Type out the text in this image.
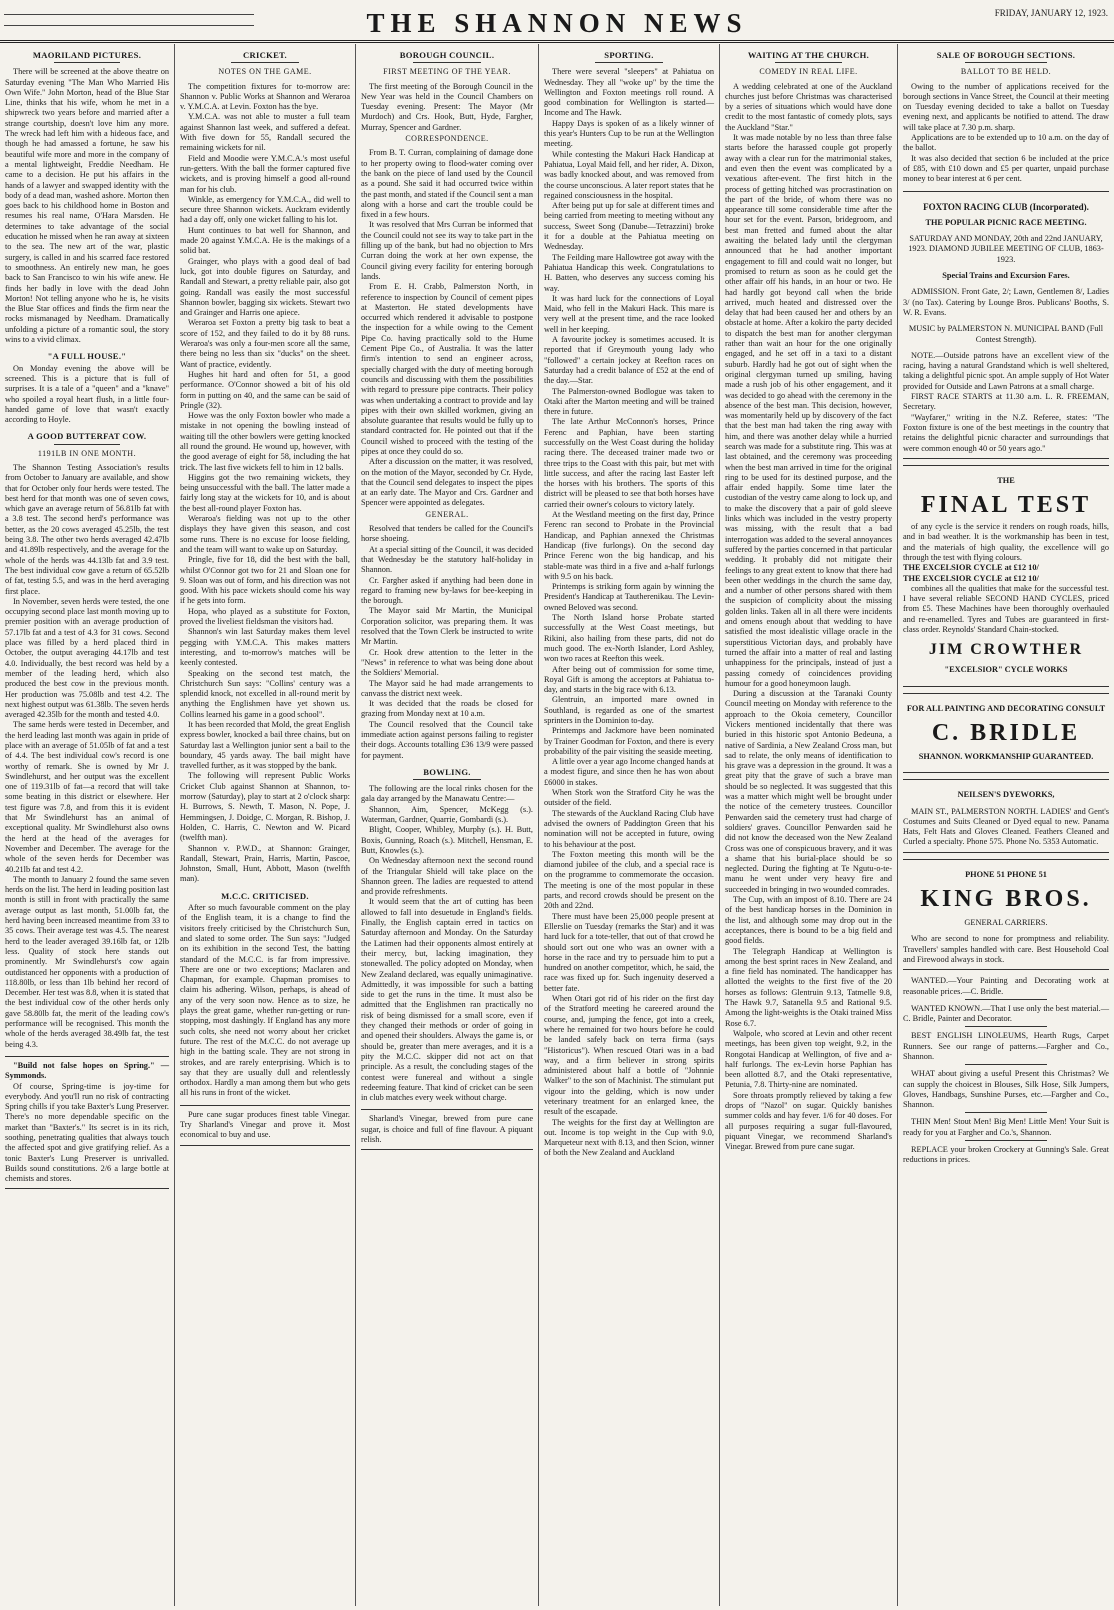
THE SHANNON NEWS	FRIDAY, JANUARY 12, 1923.
MAORILAND PICTURES.

There will be screened at the above theatre on Saturday evening "The Man Who Married His Own Wife." John Morton, head of the Blue Star Line, thinks that his wife, whom he met in a shipwreck two years before and married after a strange courtship, doesn't love him any more. The wreck had left him with a hideous face, and though he had amassed a fortune, he saw his beautiful wife more and more in the company of a mental lightweight, Freddie Needham. He came to a decision. He put his affairs in the hands of a lawyer and swapped identity with the body of a dead man, washed ashore. Morton then goes back to his childhood home in Boston and resumes his real name, O'Hara Marsden. He determines to take advantage of the social education he missed when he ran away at sixteen to the sea. The new art of the war, plastic surgery, is called in and his scarred face restored to smoothness. An entirely new man, he goes back to San Francisco to win his wife anew. He finds her badly in love with the dead John Morton! Not telling anyone who he is, he visits the Blue Star offices and finds the firm near the rocks mismanaged by Needham. Dramatically unfolding a picture of a romantic soul, the story wins to a vivid climax.

"A FULL HOUSE."

On Monday evening the above will be screened. This is a picture that is full of surprises. It is a tale of a "queen" and a "knave" who spoiled a royal heart flush, in a little four-handed game of love that wasn't exactly according to Hoyle.

A GOOD BUTTERFAT COW.
1191LB IN ONE MONTH.

The Shannon Testing Association's results from October to January are available, and show that for October only four herds were tested. The best herd for that month was one of seven cows, which gave an average return of 56.81lb fat with a 3.8 test. The second herd's performance was better, as the 20 cows averaged 45.25lb, the test being 3.8. The other two herds averaged 42.47lb and 41.89lb respectively, and the average for the whole of the herds was 44.13lb fat and 3.9 test. The best individual cow gave a return of 65.52lb of fat, testing 5.5, and was in the herd averaging first place.

In November, seven herds were tested, the one occupying second place last month moving up to premier position with an average production of 57.17lb fat and a test of 4.3 for 31 cows. Second place was filled by a herd placed third in October, the output averaging 44.17lb and test 4.0. Individually, the best record was held by a member of the leading herd, which also produced the best cow in the previous month. Her production was 75.08lb and test 4.2. The next highest output was 61.38lb. The seven herds averaged 42.35lb for the month and tested 4.0.

The same herds were tested in December, and the herd leading last month was again in pride of place with an average of 51.05lb of fat and a test of 4.4. The best individual cow's record is one worthy of remark. She is owned by Mr J. Swindlehurst, and her output was the excellent one of 119.31lb of fat—a record that will take some beating in this district or elsewhere. Her test figure was 7.8, and from this it is evident that Mr Swindlehurst has an animal of exceptional quality. Mr Swindlehurst also owns the herd at the head of the averages for November and December. The average for the whole of the seven herds for December was 40.21lb fat and test 4.2.

The month to January 2 found the same seven herds on the list. The herd in leading position last month is still in front with practically the same average output as last month, 51.00lb fat, the herd having been increased meantime from 33 to 35 cows. Their average test was 4.5. The nearest herd to the leader averaged 39.16lb fat, or 12lb less. Quality of stock here stands out prominently. Mr Swindlehurst's cow again outdistanced her opponents with a production of 118.80lb, or less than 1lb behind her record of December. Her test was 8.8, when it is stated that the best individual cow of the other herds only gave 58.80lb fat, the merit of the leading cow's performance will be recognised. This month the whole of the herds averaged 38.49lb fat, the test being 4.3.

"Build not false hopes on Spring." —Symmonds.

Of course, Spring-time is joy-time for everybody. And you'll run no risk of contracting Spring chills if you take Baxter's Lung Preserver. There's no more dependable specific on the market than "Baxter's." Its secret is in its rich, soothing, penetrating qualities that always touch the affected spot and give gratifying relief. As a tonic Baxter's Lung Preserver is unrivalled. Builds sound constitutions. 2/6 a large bottle at chemists and stores.

CRICKET.
NOTES ON THE GAME.

The competition fixtures for to-morrow are: Shannon v. Public Works at Shannon and Weraroa v. Y.M.C.A. at Levin. Foxton has the bye.

Y.M.C.A. was not able to muster a full team against Shannon last week, and suffered a defeat. With five down for 55, Randall secured the remaining wickets for nil.

Field and Moodie were Y.M.C.A.'s most useful run-getters. With the ball the former captured five wickets, and is proving himself a good all-round man for his club.

Winkle, as emergency for Y.M.C.A., did well to secure three Shannon wickets. Auckram evidently had a day off, only one wicket falling to his lot.

Hunt continues to bat well for Shannon, and made 20 against Y.M.C.A. He is the makings of a solid bat.

Grainger, who plays with a good deal of bad luck, got into double figures on Saturday, and Randall and Stewart, a pretty reliable pair, also got going. Randall was easily the most successful Shannon bowler, bagging six wickets. Stewart two and Grainger and Harris one apiece.

Weraroa set Foxton a pretty big task to beat a score of 152, and they failed to do it by 88 runs. Weraroa's was only a four-men score all the same, there being no less than six "ducks" on the sheet. Want of practice, evidently.

Hughes hit hard and often for 51, a good performance. O'Connor showed a bit of his old form in putting on 40, and the same can be said of Pringle (32).

Howe was the only Foxton bowler who made a mistake in not opening the bowling instead of waiting till the other bowlers were getting knocked all round the ground. He wound up, however, with the good average of eight for 58, including the hat trick. The last five wickets fell to him in 12 balls.

Higgins got the two remaining wickets, they being unsuccessful with the ball. The latter made a fairly long stay at the wickets for 10, and is about the best all-round player Foxton has.

Weraroa's fielding was not up to the other displays they have given this season, and cost some runs. There is no excuse for loose fielding, and the team will want to wake up on Saturday.

Pringle, five for 18, did the best with the ball, whilst O'Connor got two for 21 and Sloan one for 9. Sloan was out of form, and his direction was not good. With his pace wickets should come his way if he gets into form.

Hopa, who played as a substitute for Foxton, proved the liveliest fieldsman the visitors had.

Shannon's win last Saturday makes them level pegging with Y.M.C.A. This makes matters interesting, and to-morrow's matches will be keenly contested.

Speaking on the second test match, the Christchurch Sun says: "Collins' century was a splendid knock, not excelled in all-round merit by anything the Englishmen have yet shown us. Collins learned his game in a good school".

It has been recorded that Mold, the great English express bowler, knocked a bail three chains, but on Saturday last a Wellington junior sent a bail to the boundary, 45 yards away. The bail might have travelled further, as it was stopped by the bank.

The following will represent Public Works Cricket Club against Shannon at Shannon, to-morrow (Saturday), play to start at 2 o'clock sharp: H. Burrows, S. Newth, T. Mason, N. Pope, J. Hemmingsen, J. Doidge, C. Morgan, R. Bishop, J. Holden, C. Harris, C. Newton and W. Picard (twelfth man).

Shannon v. P.W.D., at Shannon: Grainger, Randall, Stewart, Prain, Harris, Martin, Pascoe, Johnston, Small, Hunt, Abbott, Mason (twelfth man).

M.C.C. CRITICISED.

After so much favourable comment on the play of the English team, it is a change to find the visitors freely criticised by the Christchurch Sun, and slated to some order. The Sun says: "Judged on its exhibition in the second Test, the batting standard of the M.C.C. is far from impressive. There are one or two exceptions; Maclaren and Chapman, for example. Chapman promises to claim his adhering. Wilson, perhaps, is ahead of any of the very soon now. Hence as to size, he plays the great game, whether run-getting or run-stopping, most dashingly. If England has any more such colts, she need not worry about her cricket future. The rest of the M.C.C. do not average up high in the batting scale. They are not strong in strokes, and are rarely enterprising. Which is to say that they are usually dull and relentlessly orthodox. Hardly a man among them but who gets all his runs in front of the wicket.

Pure cane sugar produces finest table Vinegar. Try Sharland's Vinegar and prove it. Most economical to buy and use.

BOROUGH COUNCIL.
FIRST MEETING OF THE YEAR.

The first meeting of the Borough Council in the New Year was held in the Council Chambers on Tuesday evening. Present: The Mayor (Mr Murdoch) and Crs. Hook, Butt, Hyde, Fargher, Murray, Spencer and Gardner.

CORRESPONDENCE.

From B. T. Curran, complaining of damage done to her property owing to flood-water coming over the bank on the piece of land used by the Council as a pound. She said it had occurred twice within the past month, and stated if the Council sent a man along with a horse and cart the trouble could be fixed in a few hours.

It was resolved that Mrs Curran be informed that the Council could not see its way to take part in the filling up of the bank, but had no objection to Mrs Curran doing the work at her own expense, the Council giving every facility for entering borough lands.

From E. H. Crabb, Palmerston North, in reference to inspection by Council of cement pipes at Masterton. He stated developments have occurred which rendered it advisable to postpone the inspection for a while owing to the Cement Pipe Co. having practically sold to the Hume Cement Pipe Co., of Australia. It was the latter firm's intention to send an engineer across, specially charged with the duty of meeting borough councils and discussing with them the possibilities with regard to pressure pipe contracts. Their policy was when undertaking a contract to provide and lay pipes with their own skilled workmen, giving an absolute guarantee that results would be fully up to standard contracted for. He pointed out that if the Council wished to proceed with the testing of the pipes at once they could do so.

After a discussion on the matter, it was resolved, on the motion of the Mayor, seconded by Cr. Hyde, that the Council send delegates to inspect the pipes at an early date. The Mayor and Crs. Gardner and Spencer were appointed as delegates.

GENERAL.

Resolved that tenders be called for the Council's horse shoeing.

At a special sitting of the Council, it was decided that Wednesday be the statutory half-holiday in Shannon.

Cr. Fargher asked if anything had been done in regard to framing new by-laws for bee-keeping in the borough.

The Mayor said Mr Martin, the Municipal Corporation solicitor, was preparing them. It was resolved that the Town Clerk be instructed to write Mr Martin.

Cr. Hook drew attention to the letter in the "News" in reference to what was being done about the Soldiers' Memorial.

The Mayor said he had made arrangements to canvass the district next week.

It was decided that the roads be closed for grazing from Monday next at 10 a.m.

The Council resolved that the Council take immediate action against persons failing to register their dogs. Accounts totalling £36 13/9 were passed for payment.

BOWLING.

The following are the local rinks chosen for the gala day arranged by the Manawatu Centre:—

Shannon, Aim, Spencer, McKegg (s.). Waterman, Gardner, Quarrie, Gombardi (s.).

Blight, Cooper, Whibley, Murphy (s.). H. Butt, Boxis, Gunning, Roach (s.). Mitchell, Hensman, E. Butt, Knowles (s.).

On Wednesday afternoon next the second round of the Triangular Shield will take place on the Shannon green. The ladies are requested to attend and provide refreshments.

It would seem that the art of cutting has been allowed to fall into desuetude in England's fields. Finally, the English captain erred in tactics on Saturday afternoon and Monday. On the Saturday the Latimen had their opponents almost entirely at their mercy, but, lacking imagination, they stonewalled. The policy adopted on Monday, when New Zealand declared, was equally unimaginative. Admittedly, it was impossible for such a batting side to get the runs in the time. It must also be admitted that the Englishmen ran practically no risk of being dismissed for a small score, even if they changed their methods or order of going in and opened their shoulders. Always the game is, or should be, greater than mere averages, and it is a pity the M.C.C. skipper did not act on that principle. As a result, the concluding stages of the contest were funereal and without a single redeeming feature. That kind of cricket can be seen in club matches every week without charge.

Sharland's Vinegar, brewed from pure cane sugar, is choice and full of fine flavour. A piquant relish.

SPORTING.

There were several "sleepers" at Pahiatua on Wednesday. They all "woke up" by the time the Wellington and Foxton meetings roll round. A good combination for Wellington is started—Income and The Hawk.

Happy Days is spoken of as a likely winner of this year's Hunters Cup to be run at the Wellington meeting.

While contesting the Makuri Hack Handicap at Pahiatua, Loyal Maid fell, and her rider, A. Dixon, was badly knocked about, and was removed from the course unconscious. A later report states that he regained consciousness in the hospital.

After being put up for sale at different times and being carried from meeting to meeting without any success, Sweet Song (Danube—Tetrazzini) broke it for a double at the Pahiatua meeting on Wednesday.

The Feilding mare Hallowtree got away with the Pahiatua Handicap this week. Congratulations to H. Batten, who deserves any success coming his way.

It was hard luck for the connections of Loyal Maid, who fell in the Makuri Hack. This mare is very well at the present time, and the race looked well in her keeping.

A favourite jockey is sometimes accused. It is reported that if Greymouth young lady who "followed" a certain jockey at Reefton races on Saturday had a credit balance of £52 at the end of the day.—Star.

The Palmerston-owned Bodlogue was taken to Otaki after the Marton meeting and will be trained there in future.

The late Arthur McConnon's horses, Prince Ferenc and Paphian, have been starting successfully on the West Coast during the holiday racing there. The deceased trainer made two or three trips to the Coast with this pair, but met with little success, and after the racing last Easter left the horses with his brothers. The sports of this district will be pleased to see that both horses have carried their owner's colours to victory lately.

At the Westland meeting on the first day, Prince Ferenc ran second to Probate in the Provincial Handicap, and Paphian annexed the Christmas Handicap (five furlongs). On the second day Prince Ferenc won the big handicap, and his stable-mate was third in a five and a-half furlongs with 9.5 on his back.

Printemps is striking form again by winning the President's Handicap at Tautherenikau. The Levin-owned Beloved was second.

The North Island horse Probate started successfully at the West Coast meetings, but Rikini, also hailing from these parts, did not do much good. The ex-North Islander, Lord Ashley, won two races at Reefton this week.

After being out of commission for some time, Royal Gift is among the acceptors at Pahiatua to-day, and starts in the big race with 6.13.

Glentruin, an imported mare owned in Southland, is regarded as one of the smartest sprinters in the Dominion to-day.

Printemps and Jackmore have been nominated by Trainer Goodman for Foxton, and there is every probability of the pair visiting the seaside meeting.

A little over a year ago Income changed hands at a modest figure, and since then he has won about £6000 in stakes.

When Stork won the Stratford City he was the outsider of the field.

The stewards of the Auckland Racing Club have advised the owners of Paddington Green that his nomination will not be accepted in future, owing to his behaviour at the post.

The Foxton meeting this month will be the diamond jubilee of the club, and a special race is on the programme to commemorate the occasion. The meeting is one of the most popular in these parts, and record crowds should be present on the 20th and 22nd.

There must have been 25,000 people present at Ellerslie on Tuesday (remarks the Star) and it was hard luck for a tote-teller, that out of that crowd he should sort out one who was an owner with a horse in the race and try to persuade him to put a hundred on another competitor, which, he said, the race was fixed up for. Such ingenuity deserved a better fate.

When Otari got rid of his rider on the first day of the Stratford meeting he careered around the course, and, jumping the fence, got into a creek, where he remained for two hours before he could be landed safely back on terra firma (says "Historicus"). When rescued Otari was in a bad way, and a firm believer in strong spirits administered about half a bottle of "Johnnie Walker" to the son of Machinist. The stimulant put vigour into the gelding, which is now under veterinary treatment for an enlarged knee, the result of the escapade.

The weights for the first day at Wellington are out. Income is top weight in the Cup with 9.0, Marqueteur next with 8.13, and then Scion, winner of both the New Zealand and Auckland

WAITING AT THE CHURCH.
COMEDY IN REAL LIFE.

A wedding celebrated at one of the Auckland churches just before Christmas was characterised by a series of situations which would have done credit to the most fantastic of comedy plots, says the Auckland "Star."

It was made notable by no less than three false starts before the harassed couple got properly away with a clear run for the matrimonial stakes, and even then the event was complicated by a vexatious after-event. The first hitch in the process of getting hitched was procrastination on the part of the bride, of whom there was no appearance till some considerable time after the hour set for the event. Parson, bridegroom, and best man fretted and fumed about the altar awaiting the belated lady until the clergyman announced that he had another important engagement to fill and could wait no longer, but promised to return as soon as he could get the other affair off his hands, in an hour or two. He had hardly got beyond call when the bride arrived, much heated and distressed over the delay that had been caused her and others by an obstacle at home. After a kokiro the party decided to dispatch the best man for another clergyman rather than wait an hour for the one originally engaged, and he set off in a taxi to a distant suburb. Hardly had he got out of sight when the original clergyman turned up smiling, having made a rush job of his other engagement, and it was decided to go ahead with the ceremony in the absence of the best man. This decision, however, was momentarily held up by discovery of the fact that the best man had taken the ring away with him, and there was another delay while a hurried search was made for a substitute ring. This was at last obtained, and the ceremony was proceeding when the best man arrived in time for the original ring to be used for its destined purpose, and the affair ended happily. Some time later the custodian of the vestry came along to lock up, and to make the discovery that a pair of gold sleeve links which was included in the vestry property was missing, with the result that a bad interrogation was added to the several annoyances suffered by the parties concerned in that particular wedding. It probably did not mitigate their feelings to any great extent to know that there had been other weddings in the church the same day, and a number of other persons shared with them the suspicion of complicity about the missing golden links. Taken all in all there were incidents and omens enough about that wedding to have satisfied the most idealistic village oracle in the superstitious Victorian days, and probably have turned the affair into a matter of real and lasting unhappiness for the principals, instead of just a passing comedy of coincidences providing humour for a good honeymoon laugh.

During a discussion at the Taranaki County Council meeting on Monday with reference to the approach to the Okoia cemetery, Councillor Vickers mentioned incidentally that there was buried in this historic spot Antonio Bedeuna, a native of Sardinia, a New Zealand Cross man, but sad to relate, the only means of identification to his grave was a depression in the ground. It was a great pity that the grave of such a brave man should be so neglected. It was suggested that this was a matter which might well be brought under the notice of the cemetery trustees. Councillor Penwarden said the cemetery trust had charge of soldiers' graves. Councillor Penwarden said he did not know the deceased won the New Zealand Cross was one of conspicuous bravery, and it was a shame that his burial-place should be so neglected. During the fighting at Te Ngutu-o-te-manu he went under very heavy fire and succeeded in bringing in two wounded comrades.

The Cup, with an impost of 8.10. There are 24 of the best handicap horses in the Dominion in the list, and although some may drop out in the acceptances, there is bound to be a big field and good fields.

The Telegraph Handicap at Wellington is among the best sprint races in New Zealand, and a fine field has nominated. The handicapper has allotted the weights to the first five of the 20 horses as follows: Glentruin 9.13, Tatmelle 9.8, The Hawk 9.7, Satanella 9.5 and Rational 9.5. Among the light-weights is the Otaki trained Miss Rose 6.7.

Walpole, who scored at Levin and other recent meetings, has been given top weight, 9.2, in the Rongotai Handicap at Wellington, of five and a-half furlongs. The ex-Levin horse Paphian has been allotted 8.7, and the Otaki representative, Petunia, 7.8. Thirty-nine are nominated.

Sore throats promptly relieved by taking a few drops of "Nazol" on sugar. Quickly banishes summer colds and hay fever. 1/6 for 40 doses. For all purposes requiring a sugar full-flavoured, piquant Vinegar, we recommend Sharland's Vinegar. Brewed from pure cane sugar.

SALE OF BOROUGH SECTIONS.
BALLOT TO BE HELD.

Owing to the number of applications received for the borough sections in Vance Street, the Council at their meeting on Tuesday evening decided to take a ballot on Tuesday evening next, and applicants be notified to attend. The draw will take place at 7.30 p.m. sharp.

Applications are to be extended up to 10 a.m. on the day of the ballot.

It was also decided that section 6 be included at the price of £85, with £10 down and £5 per quarter, unpaid purchase money to bear interest at 6 per cent.

FOXTON RACING CLUB (Incorporated).
THE POPULAR PICNIC RACE MEETING.
SATURDAY AND MONDAY, 20th and 22nd JANUARY, 1923. DIAMOND JUBILEE MEETING OF CLUB, 1863-1923.
Special Trains and Excursion Fares.

ADMISSION. Front Gate, 2/; Lawn, Gentlemen 8/, Ladies 3/ (no Tax). Catering by Lounge Bros. Publicans' Booths, S. W. R. Evans.

MUSIC by PALMERSTON N. MUNICIPAL BAND (Full Contest Strength).

NOTE.—Outside patrons have an excellent view of the racing, having a natural Grandstand which is well sheltered, taking a delightful picnic spot. An ample supply of Hot Water provided for Outside and Lawn Patrons at a small charge.

FIRST RACE STARTS at 11.30 a.m. L. R. FREEMAN, Secretary.

"Wayfarer," writing in the N.Z. Referee, states: "The Foxton fixture is one of the best meetings in the country that retains the delightful picnic character and surroundings that were common enough 40 or 50 years ago."

THE
FINAL TEST

of any cycle is the service it renders on rough roads, hills, and in bad weather. It is the workmanship has been in test, and the materials of high quality, the excellence will go through the test with flying colours.

THE EXCELSIOR CYCLE at £12 10/
THE EXCELSIOR CYCLE at £12 10/

combines all the qualities that make for the successful test. I have several reliable SECOND HAND CYCLES, priced from £5. These Machines have been thoroughly overhauled and re-enamelled. Tyres and Tubes are guaranteed in first-class order. Reynolds' Standard Chain-stocked.

JIM CROWTHER
"EXCELSIOR" CYCLE WORKS
FOR ALL PAINTING AND DECORATING CONSULT
C. BRIDLE
SHANNON. WORKMANSHIP GUARANTEED.
NEILSEN'S DYEWORKS,

MAIN ST., PALMERSTON NORTH. LADIES' and Gent's Costumes and Suits Cleaned or Dyed equal to new. Panama Hats, Felt Hats and Gloves Cleaned. Feathers Cleaned and Curled a specialty. Phone 575. Phone No. 5353 Automatic.

PHONE 51 PHONE 51
KING BROS.
GENERAL CARRIERS.

Who are second to none for promptness and reliability. Travellers' samples handled with care. Best Household Coal and Firewood always in stock.

WANTED.—Your Painting and Decorating work at reasonable prices.—C. Bridle.

WANTED KNOWN.—That I use only the best material.—C. Bridle, Painter and Decorator.

BEST ENGLISH LINOLEUMS, Hearth Rugs, Carpet Runners. See our range of patterns.—Fargher and Co., Shannon.

WHAT about giving a useful Present this Christmas? We can supply the choicest in Blouses, Silk Hose, Silk Jumpers, Gloves, Handbags, Sunshine Purses, etc.—Fargher and Co., Shannon.

THIN Men! Stout Men! Big Men! Little Men! Your Suit is ready for you at Fargher and Co.'s, Shannon.

REPLACE your broken Crockery at Gunning's Sale. Great reductions in prices.
